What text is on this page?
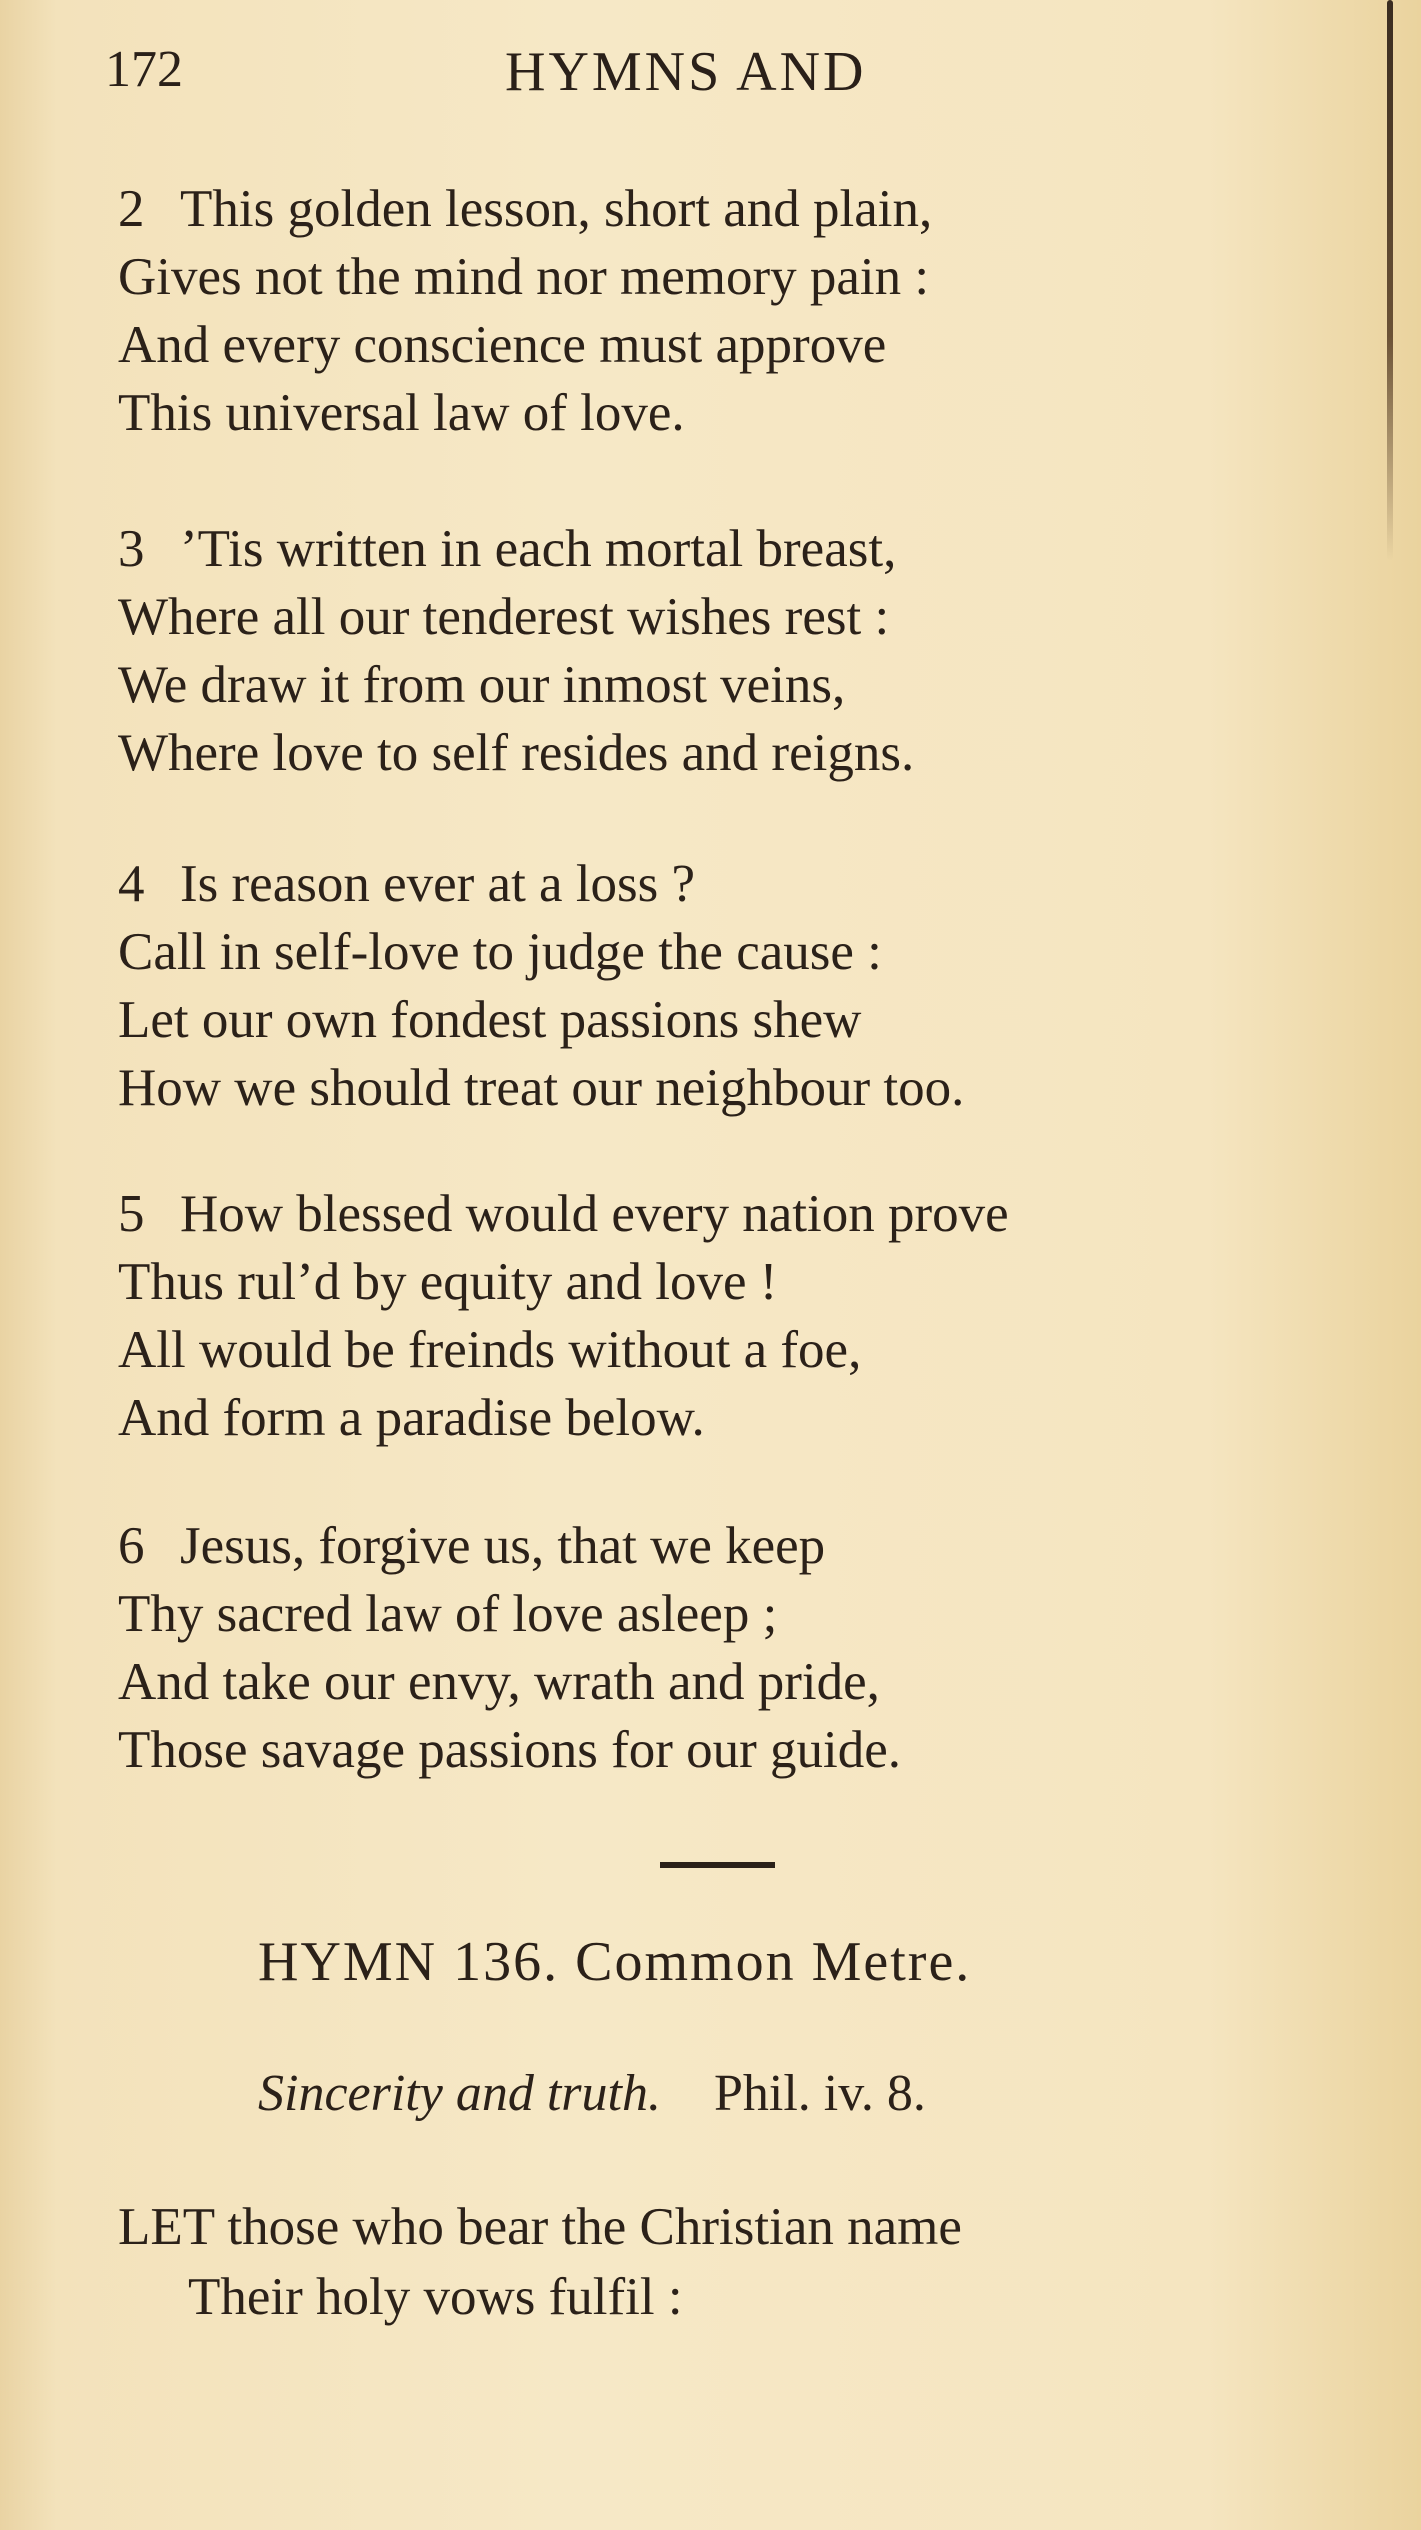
172	HYMNS AND
2 This golden lesson, short and plain,
Gives not the mind nor memory pain :
And every conscience must approve
This universal law of love.
3 ’Tis written in each mortal breast,
Where all our tenderest wishes rest :
We draw it from our inmost veins,
Where love to self resides and reigns.
4 Is reason ever at a loss ?
Call in self-love to judge the cause :
Let our own fondest passions shew
How we should treat our neighbour too.
5 How blessed would every nation prove
Thus rul’d by equity and love !
All would be freinds without a foe,
And form a paradise below.
6 Jesus, forgive us, that we keep
Thy sacred law of love asleep ;
And take our envy, wrath and pride,
Those savage passions for our guide.
HYMN 136. Common Metre.
Sincerity and truth. Phil. iv. 8.
LET those who bear the Christian name
Their holy vows fulfil :
